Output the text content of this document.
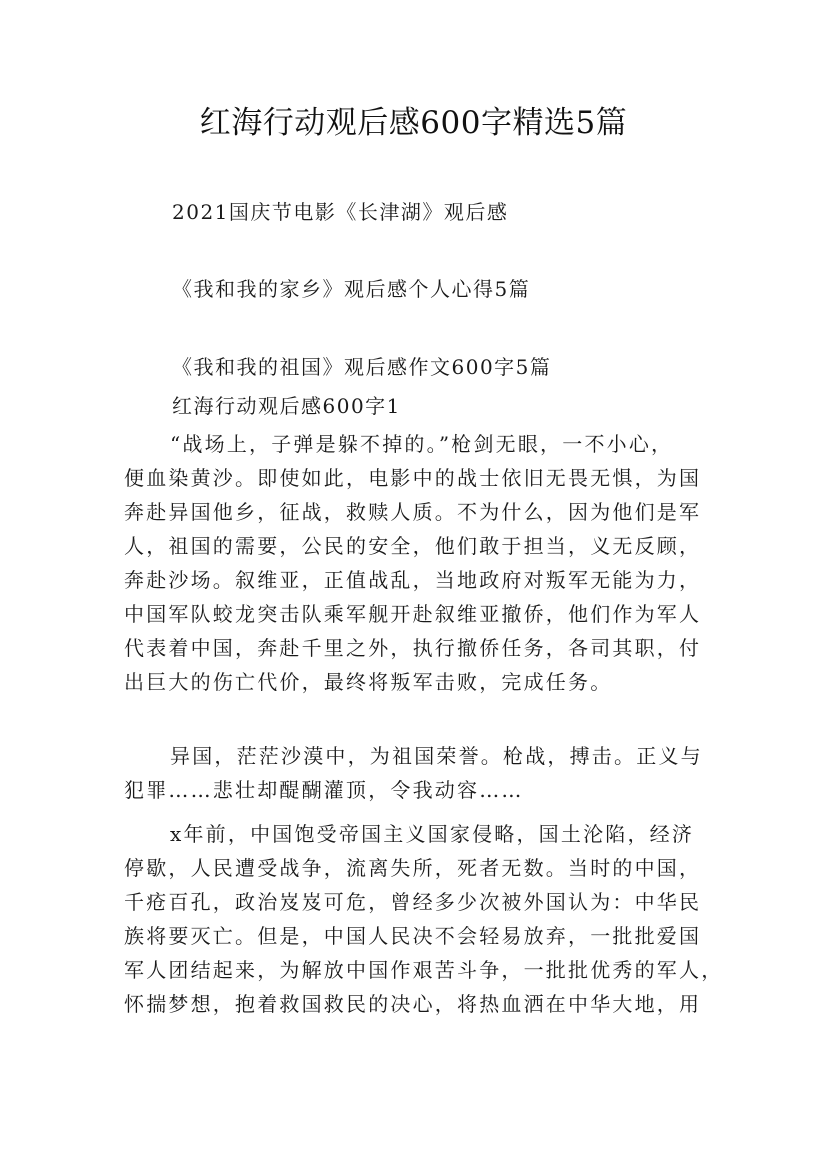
红海行动观后感600字精选5篇
2021国庆节电影《长津湖》观后感
《我和我的家乡》观后感个人心得5篇
《我和我的祖国》观后感作文600字5篇
红海行动观后感600字1
“战场上，子弹是躲不掉的。”枪剑无眼，一不小心，
便血染黄沙。即使如此，电影中的战士依旧无畏无惧，为国
奔赴异国他乡，征战，救赎人质。不为什么，因为他们是军
人，祖国的需要，公民的安全，他们敢于担当，义无反顾，
奔赴沙场。叙维亚，正值战乱，当地政府对叛军无能为力，
中国军队蛟龙突击队乘军舰开赴叙维亚撤侨，他们作为军人
代表着中国，奔赴千里之外，执行撤侨任务，各司其职，付
出巨大的伤亡代价，最终将叛军击败，完成任务。
异国，茫茫沙漠中，为祖国荣誉。枪战，搏击。正义与
犯罪……悲壮却醍醐灌顶，令我动容……
x年前，中国饱受帝国主义国家侵略，国土沦陷，经济
停歇，人民遭受战争，流离失所，死者无数。当时的中国，
千疮百孔，政治岌岌可危，曾经多少次被外国认为：中华民
族将要灭亡。但是，中国人民决不会轻易放弃，一批批爱国
军人团结起来，为解放中国作艰苦斗争，一批批优秀的军人，
怀揣梦想，抱着救国救民的决心，将热血洒在中华大地，用
